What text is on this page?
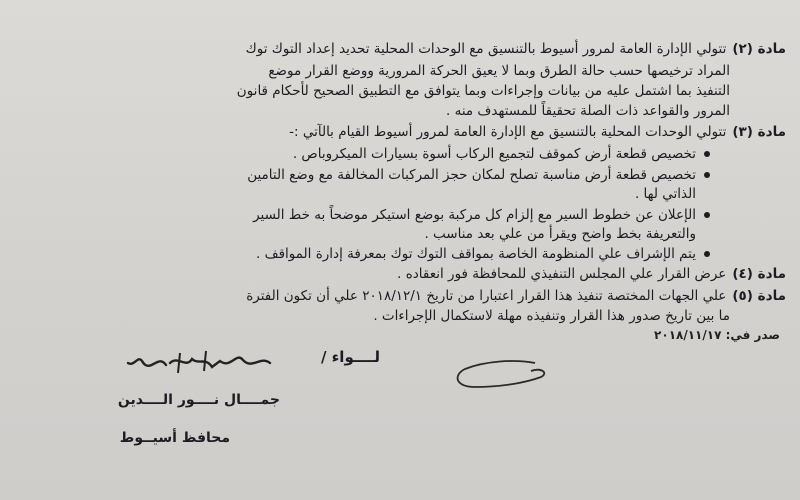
مادة (٢)تتولي الإدارة العامة لمرور أسيوط بالتنسيق مع الوحدات المحلية تحديد إعداد التوك توك
المراد ترخيصها حسب حالة الطرق وبما لا يعيق الحركة المرورية ووضع القرار موضع
التنفيذ بما اشتمل عليه من بيانات وإجراءات وبما يتوافق مع التطبيق الصحيح لأحكام قانون
المرور والقواعد ذات الصلة تحقيقاً للمستهدف منه .
مادة (٣)تتولي الوحدات المحلية بالتنسيق مع الإدارة العامة لمرور أسيوط القيام بالآتي :-
تخصيص قطعة أرض كموقف لتجميع الركاب أسوة بسيارات الميكروباص .
تخصيص قطعة أرض مناسبة تصلح لمكان حجز المركبات المخالفة مع وضع التامين
الذاتي لها .
الإعلان عن خطوط السير مع إلزام كل مركبة بوضع استيكر موضحاً به خط السير
والتعريفة بخط واضح ويقرأ من علي بعد مناسب .
يتم الإشراف علي المنظومة الخاصة بمواقف التوك توك بمعرفة إدارة المواقف .
مادة (٤)عرض القرار علي المجلس التنفيذي للمحافظة فور انعقاده .
مادة (٥)علي الجهات المختصة تنفيذ هذا القرار اعتبارا من تاريخ ٢٠١٨/١٢/١ علي أن تكون الفترة
ما بين تاريخ صدور هذا القرار وتنفيذه مهلة لاستكمال الإجراءات .
صدر في: ٢٠١٨/١١/١٧
لــــواء /
جمــــال نــــور الــــدين
محافظ أسيــوط
